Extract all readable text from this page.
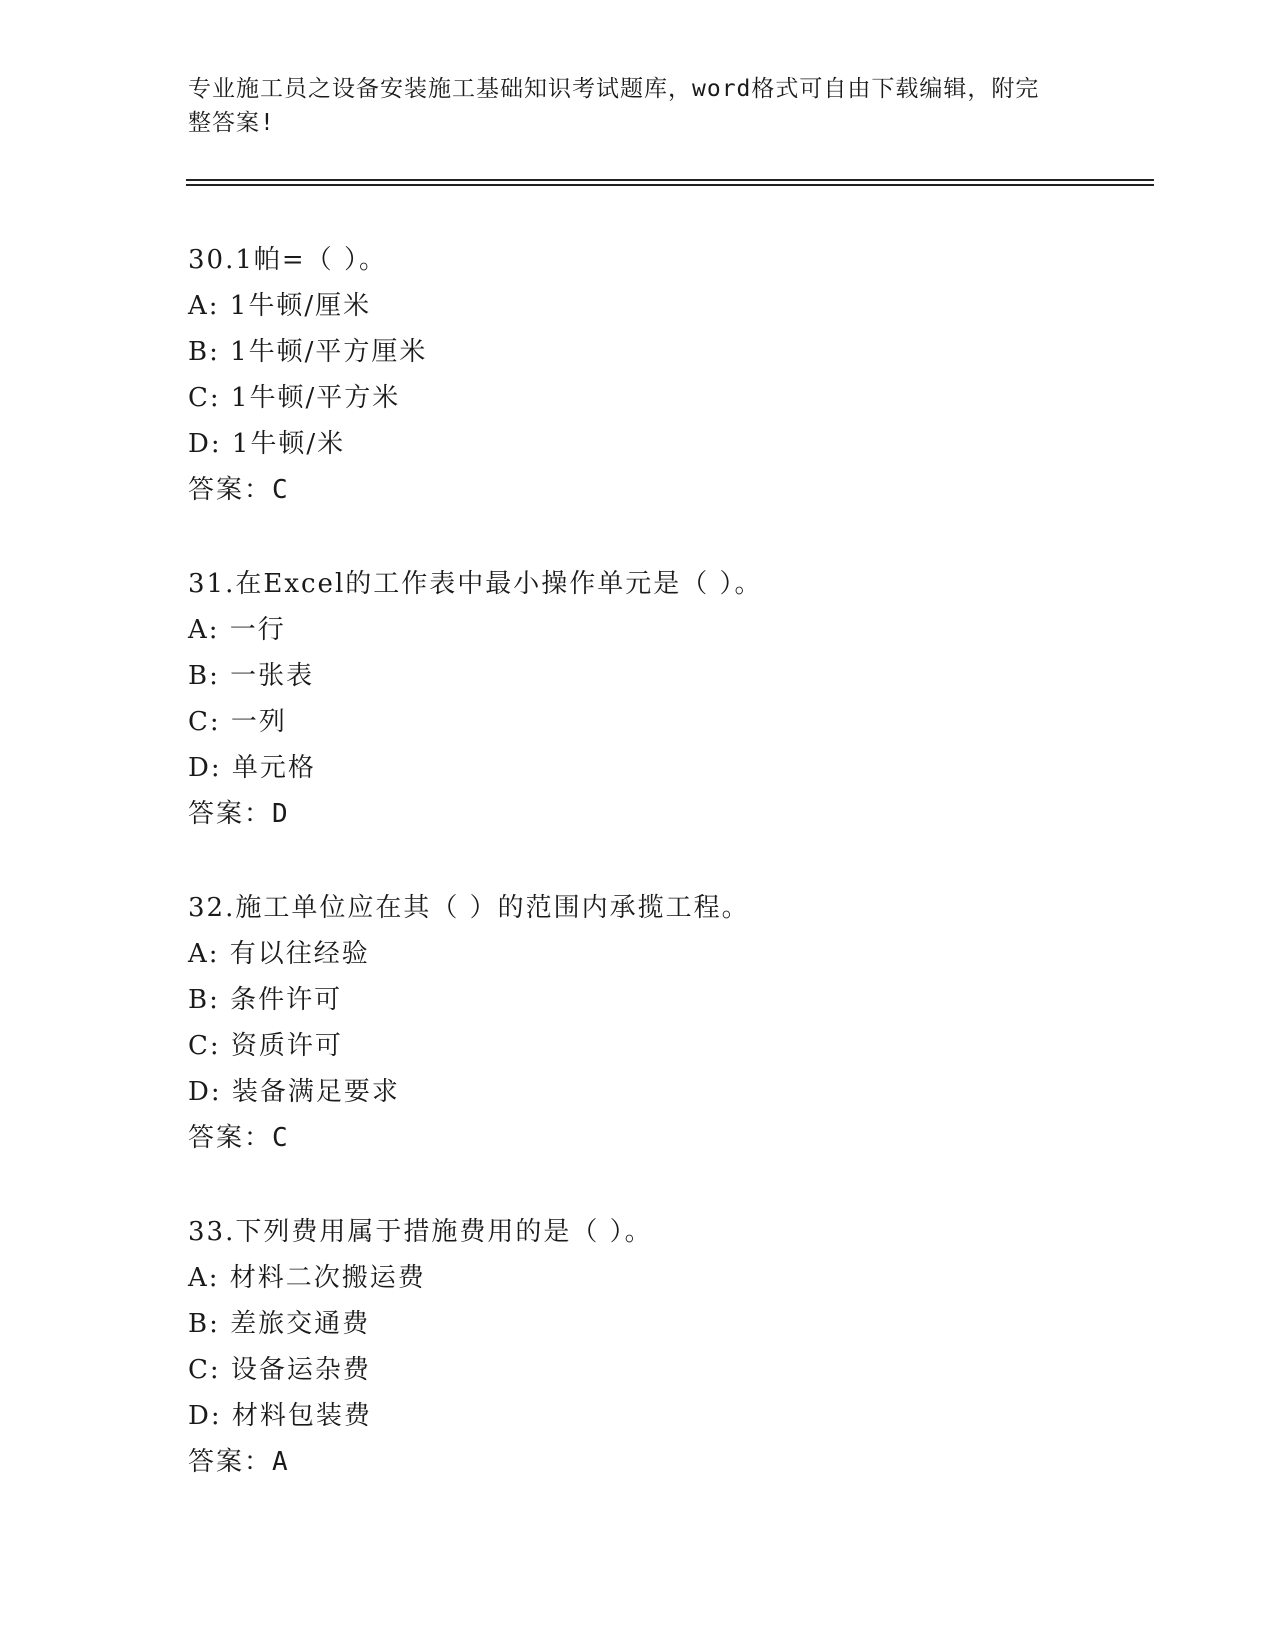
专业施工员之设备安装施工基础知识考试题库，word格式可自由下载编辑，附完
整答案!
30.1帕=（ ）。
A: 1牛顿/厘米
B: 1牛顿/平方厘米
C: 1牛顿/平方米
D: 1牛顿/米
答案：C
31.在Excel的工作表中最小操作单元是（ ）。
A: 一行
B: 一张表
C: 一列
D: 单元格
答案：D
32.施工单位应在其（ ）的范围内承揽工程。
A: 有以往经验
B: 条件许可
C: 资质许可
D: 装备满足要求
答案：C
33.下列费用属于措施费用的是（ ）。
A: 材料二次搬运费
B: 差旅交通费
C: 设备运杂费
D: 材料包装费
答案：A
